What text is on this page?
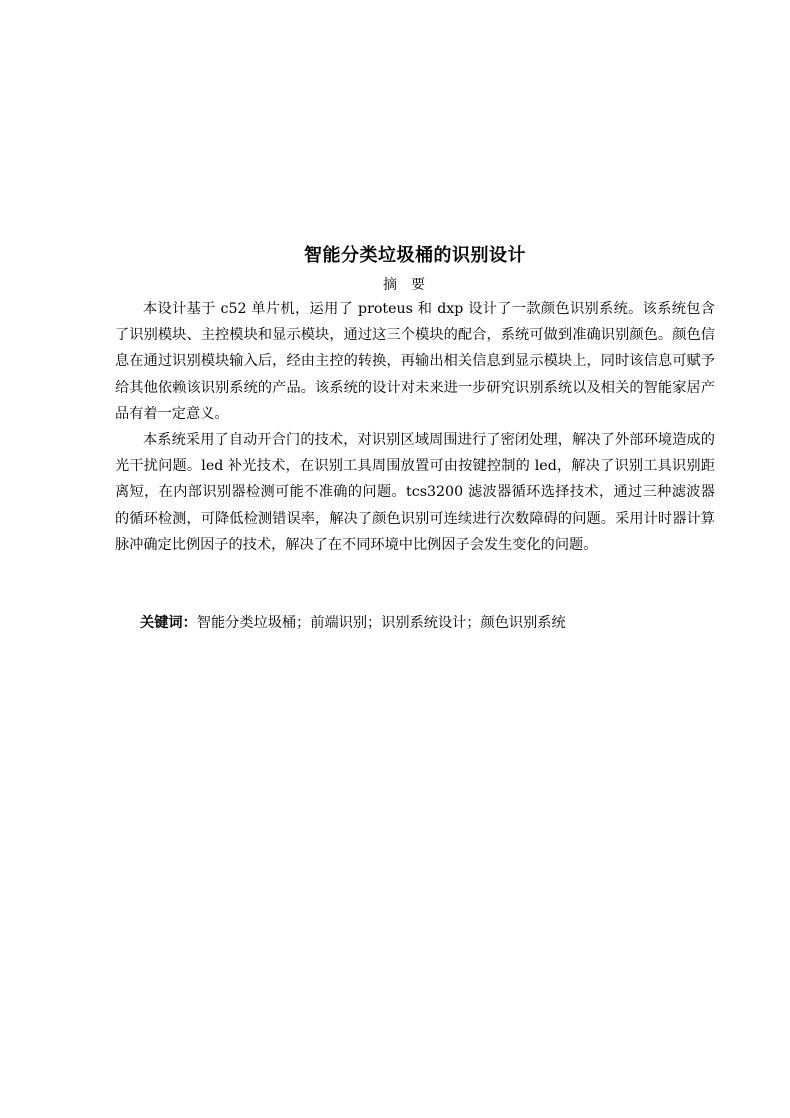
智能分类垃圾桶的识别设计
摘 要

本设计基于 c52 单片机，运用了 proteus 和 dxp 设计了一款颜色识别系统。该系统包含了识别模块、主控模块和显示模块，通过这三个模块的配合，系统可做到准确识别颜色。颜色信息在通过识别模块输入后，经由主控的转换，再输出相关信息到显示模块上，同时该信息可赋予给其他依赖该识别系统的产品。该系统的设计对未来进一步研究识别系统以及相关的智能家居产品有着一定意义。

本系统采用了自动开合门的技术，对识别区域周围进行了密闭处理，解决了外部环境造成的光干扰问题。led 补光技术，在识别工具周围放置可由按键控制的 led，解决了识别工具识别距离短，在内部识别器检测可能不准确的问题。tcs3200 滤波器循环选择技术，通过三种滤波器的循环检测，可降低检测错误率，解决了颜色识别可连续进行次数障碍的问题。采用计时器计算脉冲确定比例因子的技术，解决了在不同环境中比例因子会发生变化的问题。

关键词：智能分类垃圾桶；前端识别；识别系统设计；颜色识别系统
